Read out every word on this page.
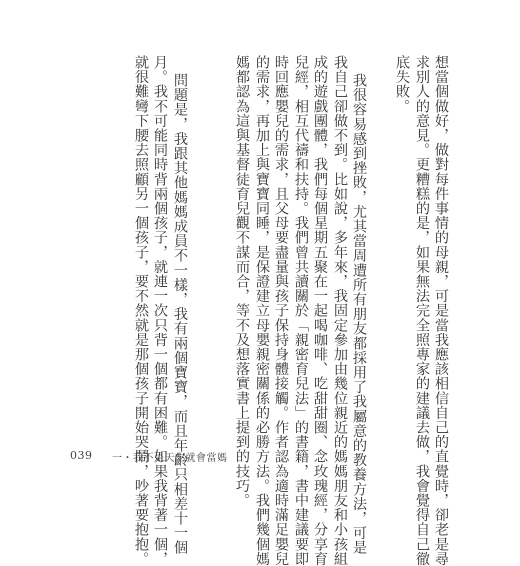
想當個做好，做對每件事情的母親，可是當我應該相信自己的直覺時，卻老是尋
求別人的意見。更糟糕的是，如果無法完全照專家的建議去做，我會覺得自己徹
底失敗。
我很容易感到挫敗，尤其當周遭所有朋友都採用了我屬意的教養方法，可是
我自己卻做不到。比如說，多年來，我固定參加由幾位親近的媽媽朋友和小孩組
成的遊戲團體，我們每個星期五聚在一起喝咖啡、吃甜甜圈、念玫瑰經，分享育
兒經，相互代禱和扶持。我們曾共讀關於「親密育兒法」的書籍，書中建議要即
時回應嬰兒的需求，且父母要盡量與孩子保持身體接觸。作者認為適時滿足嬰兒
的需求，再加上與寶寶同睡，是保證建立母嬰親密關係的必勝方法。我們幾個媽
媽都認為這與基督徒育兒觀不謀而合，等不及想落實書上提到的技巧。
問題是，我跟其他媽媽成員不一樣，我有兩個寶寶，而且年齡只相差十一個
月。我不可能同時背兩個孩子，就連一次只背一個都有困難。如果我背著一個，
就很難彎下腰去照顧另一個孩子，要不然就是那個孩子開始哭鬧，吵著要抱抱。
039 一・我不是天生就會當媽
